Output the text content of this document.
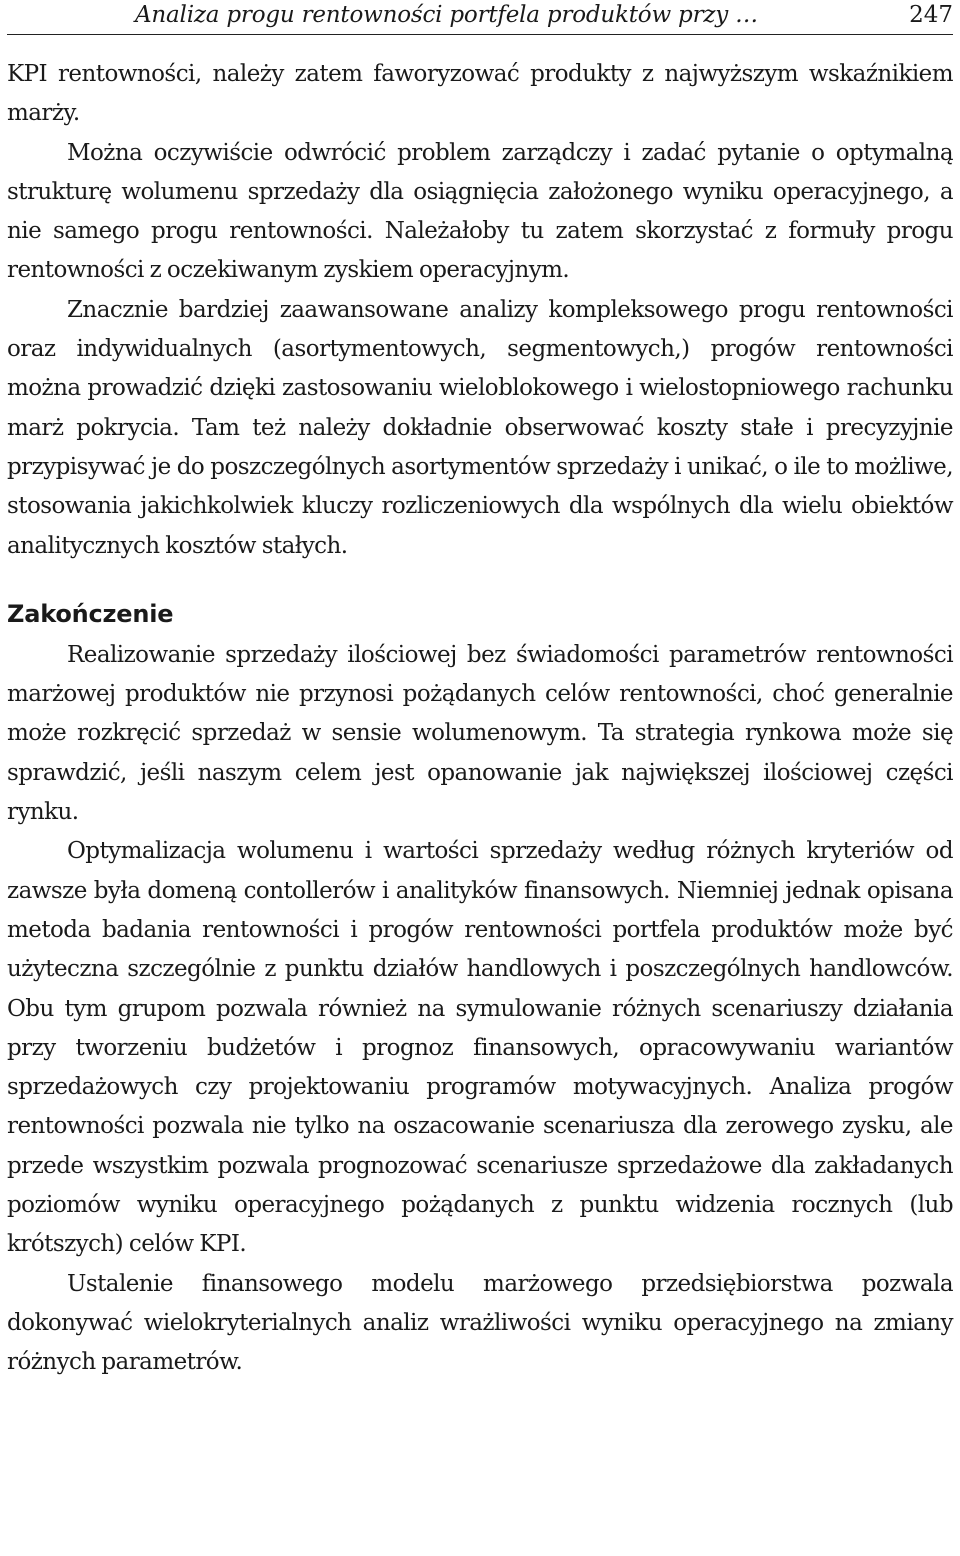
Analiza progu rentowności portfela produktów przy …	247

KPI rentowności, należy zatem faworyzować produkty z najwyższym wskaźnikiem marży.

Można oczywiście odwrócić problem zarządczy i zadać pytanie o optymalną strukturę wolumenu sprzedaży dla osiągnięcia założonego wyniku operacyjnego, a nie samego progu rentowności. Należałoby tu zatem skorzystać z formuły progu rentowności z oczekiwanym zyskiem operacyjnym.

Znacznie bardziej zaawansowane analizy kompleksowego progu rentowności oraz indywidualnych (asortymentowych, segmentowych,) progów rentowności można prowadzić dzięki zastosowaniu wieloblokowego i wielostopniowego rachunku marż pokrycia. Tam też należy dokładnie obserwować koszty stałe i precyzyjnie przypisywać je do poszczególnych asortymentów sprzedaży i unikać, o ile to możliwe, stosowania jakichkolwiek kluczy rozliczeniowych dla wspólnych dla wielu obiektów analitycznych kosztów stałych.

Zakończenie

Realizowanie sprzedaży ilościowej bez świadomości parametrów rentowności marżowej produktów nie przynosi pożądanych celów rentowności, choć generalnie może rozkręcić sprzedaż w sensie wolumenowym. Ta strategia rynkowa może się sprawdzić, jeśli naszym celem jest opanowanie jak największej ilościowej części rynku.

Optymalizacja wolumenu i wartości sprzedaży według różnych kryteriów od zawsze była domeną contollerów i analityków finansowych. Niemniej jednak opisana metoda badania rentowności i progów rentowności portfela produktów może być użyteczna szczególnie z punktu działów handlowych i poszczególnych handlowców. Obu tym grupom pozwala również na symulowanie różnych scenariuszy działania przy tworzeniu budżetów i prognoz finansowych, opracowywaniu wariantów sprzedażowych czy projektowaniu programów motywacyjnych. Analiza progów rentowności pozwala nie tylko na oszacowanie scenariusza dla zerowego zysku, ale przede wszystkim pozwala prognozować scenariusze sprzedażowe dla zakładanych poziomów wyniku operacyjnego pożądanych z punktu widzenia rocznych (lub krótszych) celów KPI.

Ustalenie finansowego modelu marżowego przedsiębiorstwa pozwala dokonywać wielokryterialnych analiz wrażliwości wyniku operacyjnego na zmiany różnych parametrów.
